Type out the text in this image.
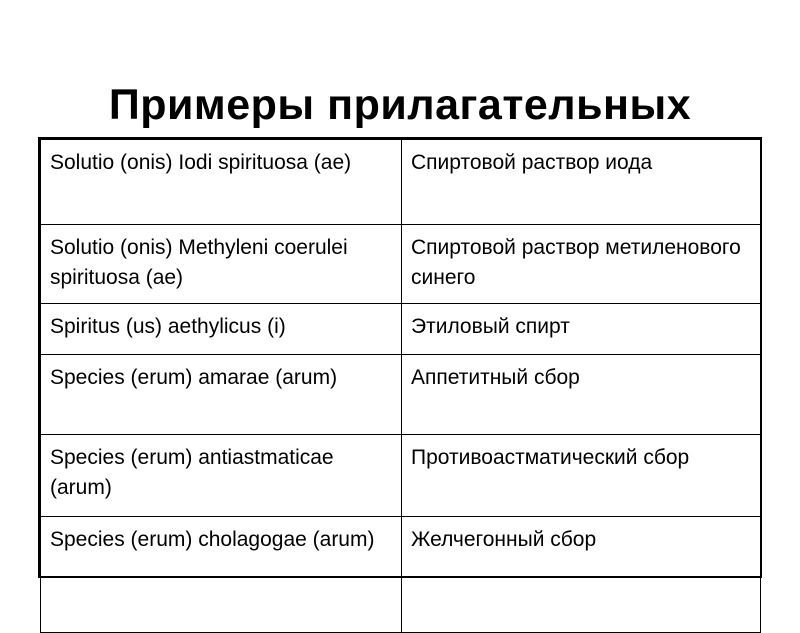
Примеры прилагательных
Solutio (onis) Iodi spirituosa (ae)	Спиртовой раствор иода
Solutio (onis) Methyleni coerulei spirituosa (ae)	Спиртовой раствор метиленового синего
Spiritus (us) aethylicus (i)	Этиловый спирт
Species (erum) amarae (arum)	Аппетитный сбор
Species (erum) antiastmaticae (arum)	Противоастматический сбор
Species (erum) cholagogae (arum)	Желчегонный сбор
